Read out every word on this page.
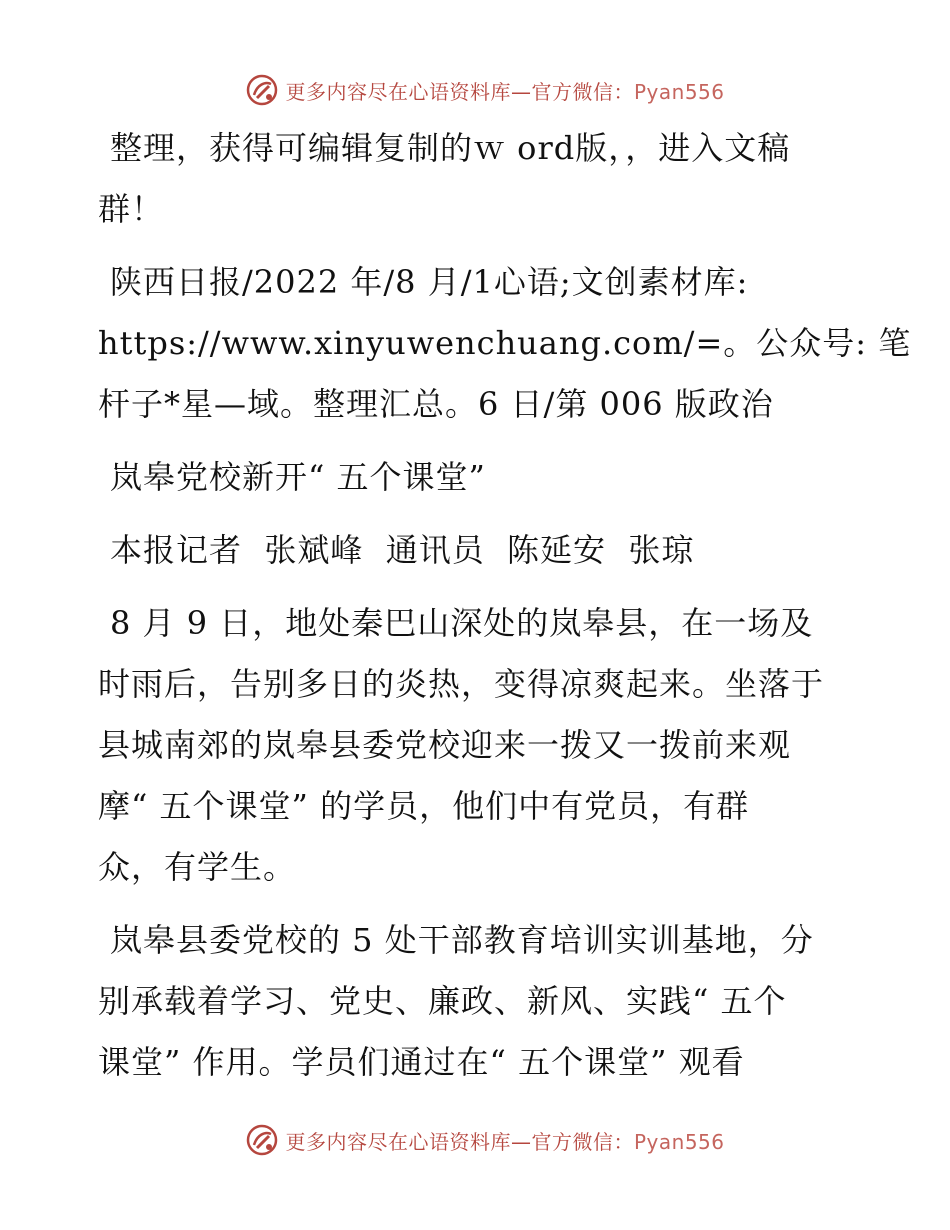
更多内容尽在心语资料库—官方微信：Pyan556
整理，获得可编辑复制的ｗ ord版，，进入文稿
群！
陕西日报/2022 年/8 月/1心语;文创素材库:
https://www.xinyuwenchuang.com/=。公众号: 笔
杆子*星—域。整理汇总。6 日/第 006 版政治
岚皋党校新开“ 五个课堂”
本报记者  张斌峰  通讯员  陈延安  张琼
8 月 9 日，地处秦巴山深处的岚皋县，在一场及
时雨后，告别多日的炎热，变得凉爽起来。坐落于
县城南郊的岚皋县委党校迎来一拨又一拨前来观
摩“ 五个课堂” 的学员，他们中有党员，有群
众，有学生。
岚皋县委党校的 5 处干部教育培训实训基地，分
别承载着学习、党史、廉政、新风、实践“ 五个
课堂” 作用。学员们通过在“ 五个课堂” 观看
更多内容尽在心语资料库—官方微信：Pyan556
